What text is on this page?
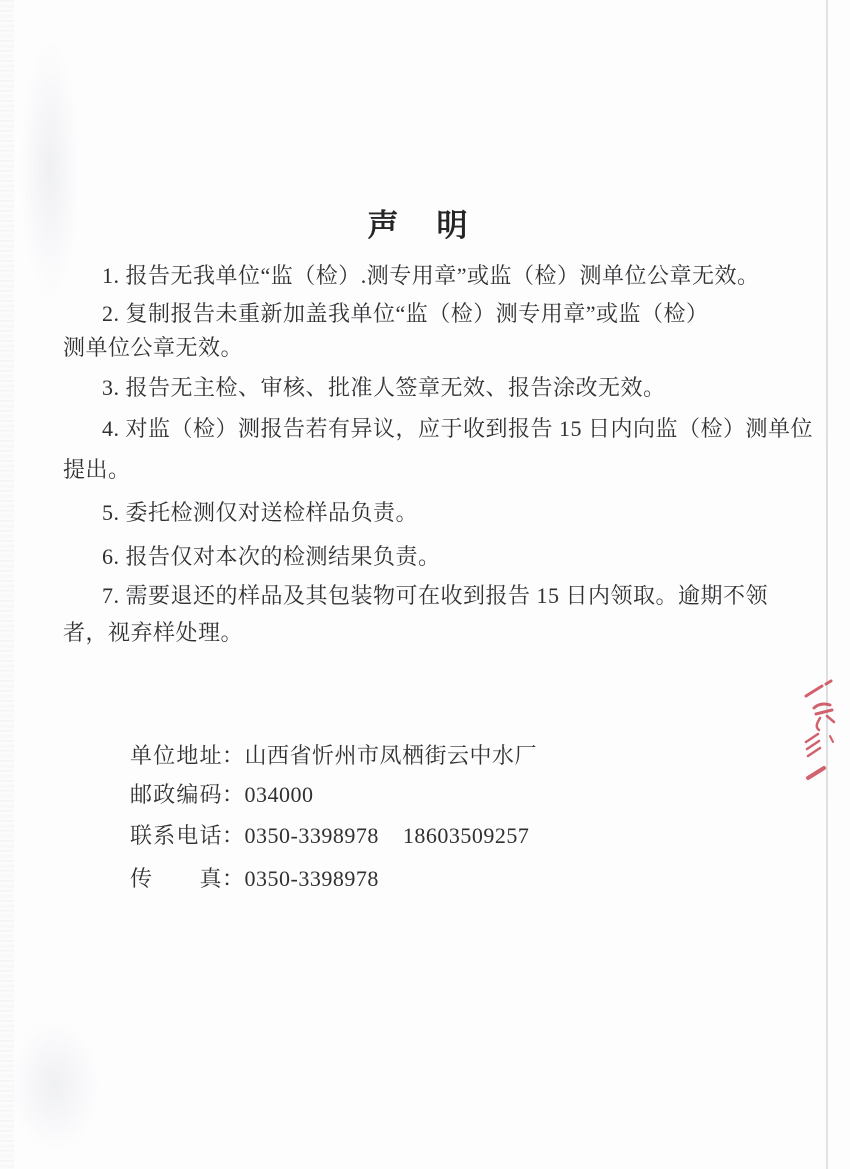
声 明
1. 报告无我单位“监（检）.测专用章”或监（检）测单位公章无效。
2. 复制报告未重新加盖我单位“监（检）测专用章”或监（检）
测单位公章无效。
3. 报告无主检、审核、批准人签章无效、报告涂改无效。
4. 对监（检）测报告若有异议，应于收到报告 15 日内向监（检）测单位
提出。
5. 委托检测仅对送检样品负责。
6. 报告仅对本次的检测结果负责。
7. 需要退还的样品及其包装物可在收到报告 15 日内领取。逾期不领
者，视弃样处理。

单位地址：山西省忻州市凤栖街云中水厂

邮政编码：034000

联系电话：0350-3398978    18603509257

传真：0350-3398978
